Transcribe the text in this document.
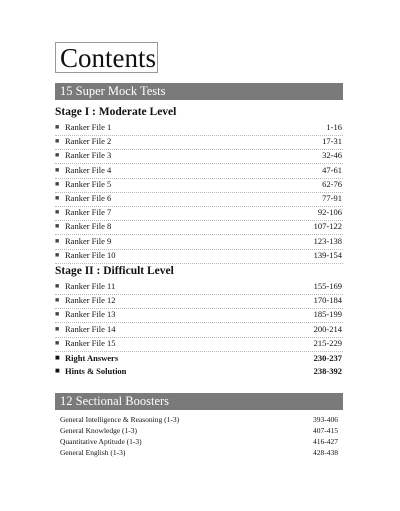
Contents
15 Super Mock Tests
Stage I : Moderate Level
■ Ranker File 1	1-16
■ Ranker File 2	17-31
■ Ranker File 3	32-46
■ Ranker File 4	47-61
■ Ranker File 5	62-76
■ Ranker File 6	77-91
■ Ranker File 7	92-106
■ Ranker File 8	107-122
■ Ranker File 9	123-138
■ Ranker File 10	139-154
Stage II : Difficult Level
■ Ranker File 11	155-169
■ Ranker File 12	170-184
■ Ranker File 13	185-199
■ Ranker File 14	200-214
■ Ranker File 15	215-229
■ Right Answers	230-237
■ Hints & Solution	238-392
12 Sectional Boosters
General Intelligence & Reasoning (1-3)	393-406
General Knowledge (1-3)	407-415
Quantitative Aptitude (1-3)	416-427
General English (1-3)	428-438
